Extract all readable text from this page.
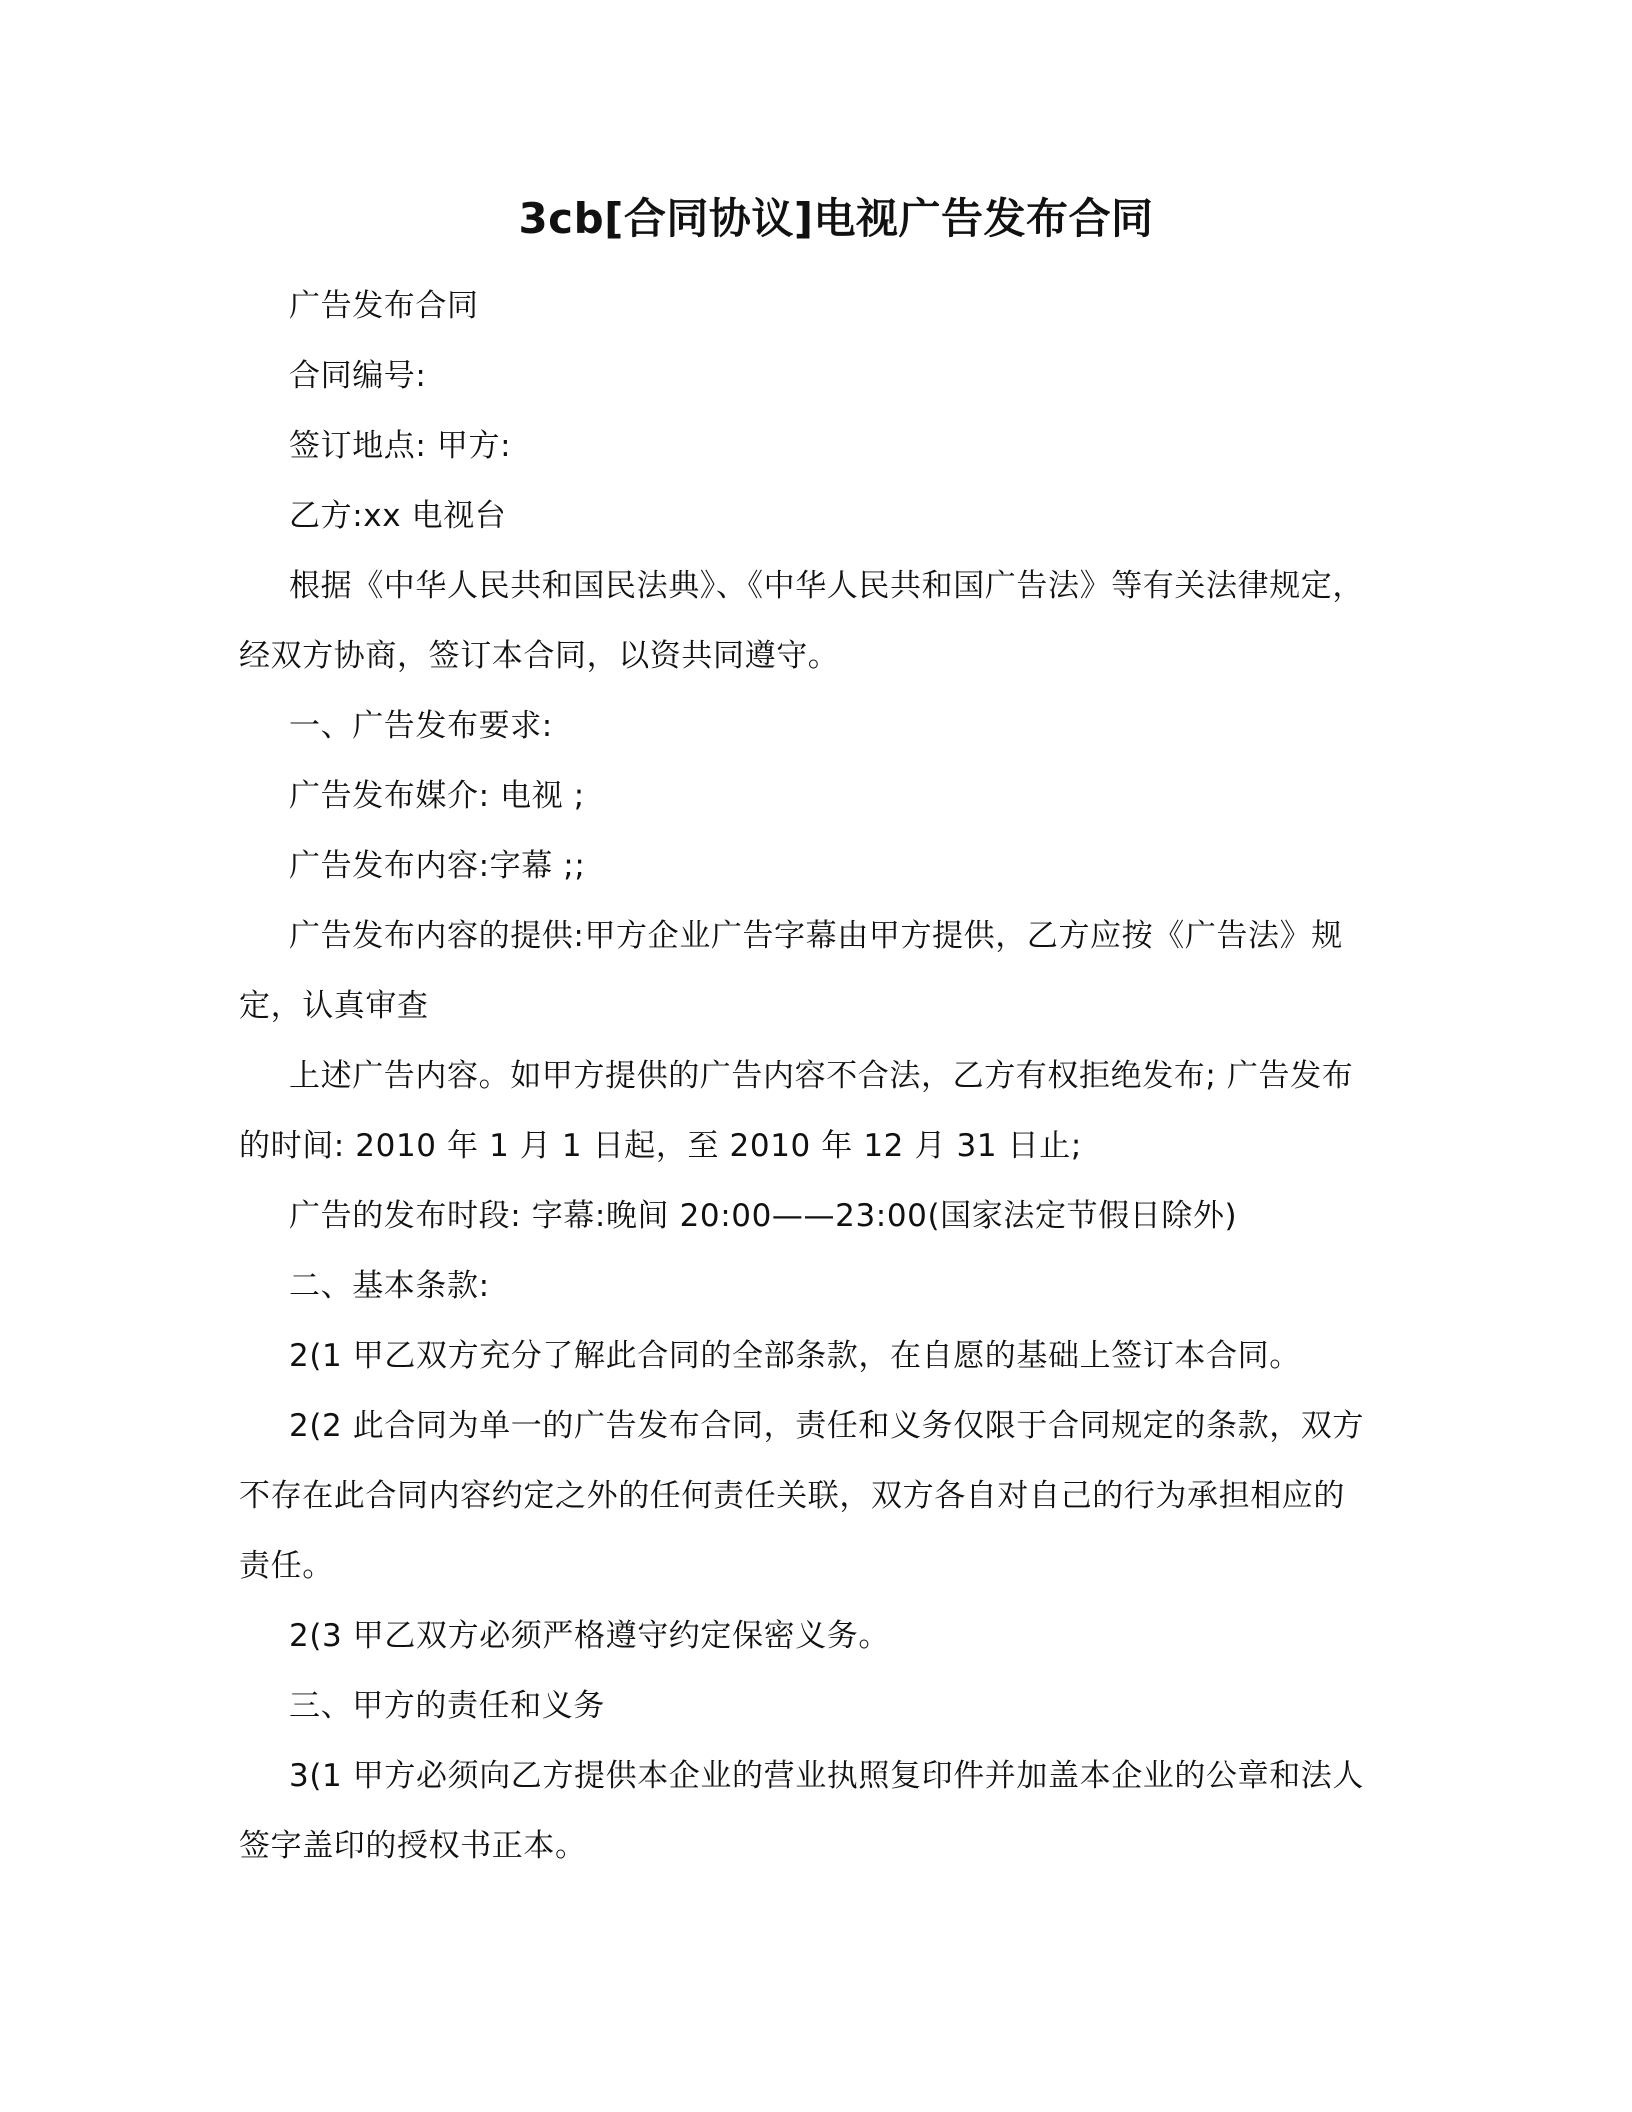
3cb[合同协议]电视广告发布合同

广告发布合同

合同编号:

签订地点: 甲方:

乙方:xx 电视台

根据《中华人民共和国民法典》、《中华人民共和国广告法》等有关法律规定，经双方协商，签订本合同，以资共同遵守。

一、广告发布要求:

广告发布媒介: 电视 ;

广告发布内容:字幕 ;;

广告发布内容的提供:甲方企业广告字幕由甲方提供，乙方应按《广告法》规定，认真审查

上述广告内容。如甲方提供的广告内容不合法，乙方有权拒绝发布; 广告发布的时间: 2010 年 1 月 1 日起，至 2010 年 12 月 31 日止;

广告的发布时段: 字幕:晚间 20:00——23:00(国家法定节假日除外)

二、基本条款:

2(1 甲乙双方充分了解此合同的全部条款，在自愿的基础上签订本合同。

2(2 此合同为单一的广告发布合同，责任和义务仅限于合同规定的条款，双方不存在此合同内容约定之外的任何责任关联，双方各自对自己的行为承担相应的责任。

2(3 甲乙双方必须严格遵守约定保密义务。

三、甲方的责任和义务

3(1 甲方必须向乙方提供本企业的营业执照复印件并加盖本企业的公章和法人签字盖印的授权书正本。
